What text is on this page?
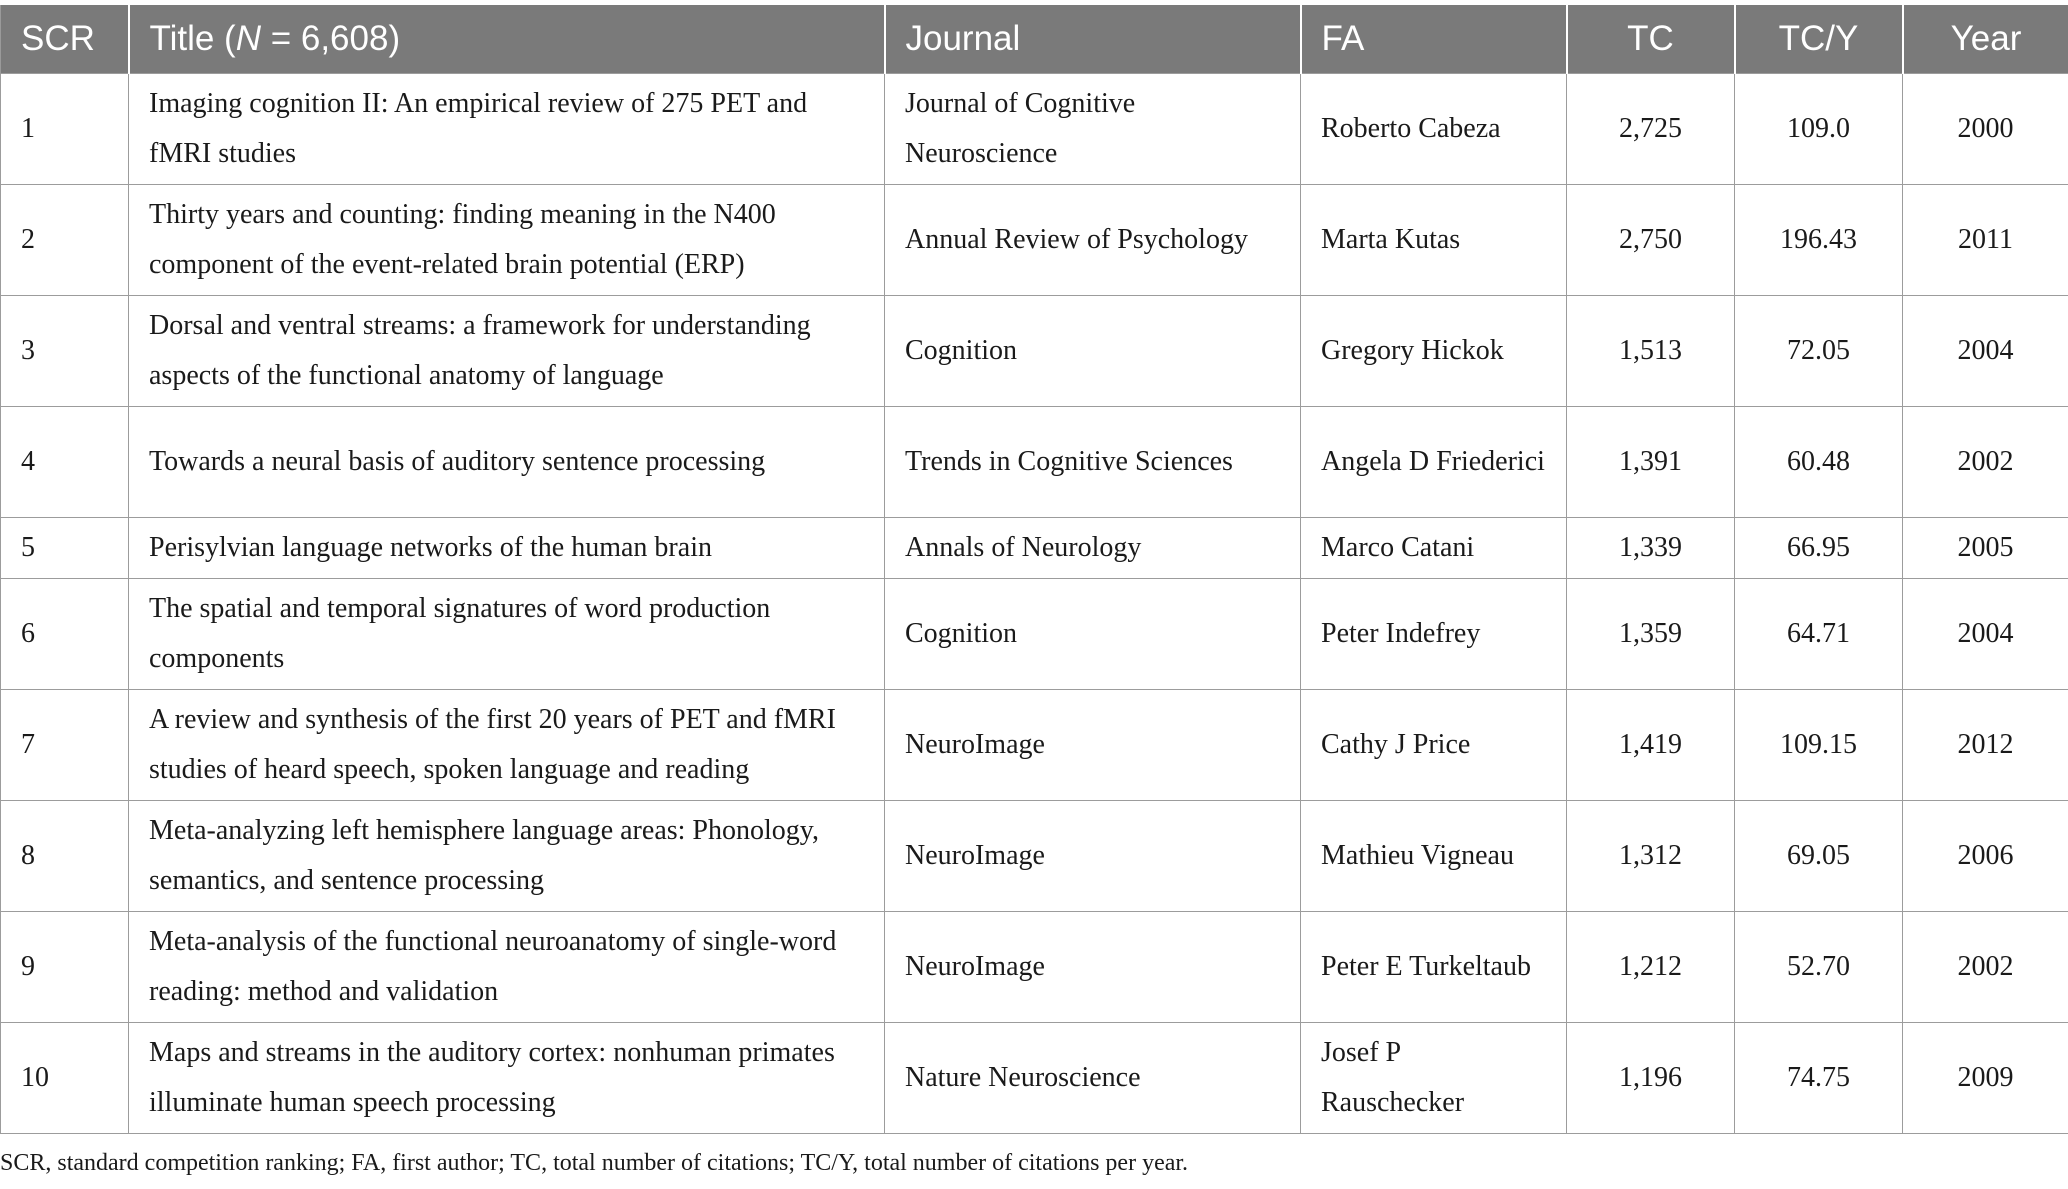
SCR	Title (N = 6,608)	Journal	FA	TC	TC/Y	Year
1	Imaging cognition II: An empirical review of 275 PET and fMRI studies	Journal of Cognitive Neuroscience	Roberto Cabeza	2,725	109.0	2000
2	Thirty years and counting: finding meaning in the N400 component of the event-related brain potential (ERP)	Annual Review of Psychology	Marta Kutas	2,750	196.43	2011
3	Dorsal and ventral streams: a framework for understanding aspects of the functional anatomy of language	Cognition	Gregory Hickok	1,513	72.05	2004
4	Towards a neural basis of auditory sentence processing	Trends in Cognitive Sciences	Angela D Friederici	1,391	60.48	2002
5	Perisylvian language networks of the human brain	Annals of Neurology	Marco Catani	1,339	66.95	2005
6	The spatial and temporal signatures of word production components	Cognition	Peter Indefrey	1,359	64.71	2004
7	A review and synthesis of the first 20 years of PET and fMRI studies of heard speech, spoken language and reading	NeuroImage	Cathy J Price	1,419	109.15	2012
8	Meta-analyzing left hemisphere language areas: Phonology, semantics, and sentence processing	NeuroImage	Mathieu Vigneau	1,312	69.05	2006
9	Meta-analysis of the functional neuroanatomy of single-word reading: method and validation	NeuroImage	Peter E Turkeltaub	1,212	52.70	2002
10	Maps and streams in the auditory cortex: nonhuman primates illuminate human speech processing	Nature Neuroscience	Josef P Rauschecker	1,196	74.75	2009
SCR, standard competition ranking; FA, first author; TC, total number of citations; TC/Y, total number of citations per year.
